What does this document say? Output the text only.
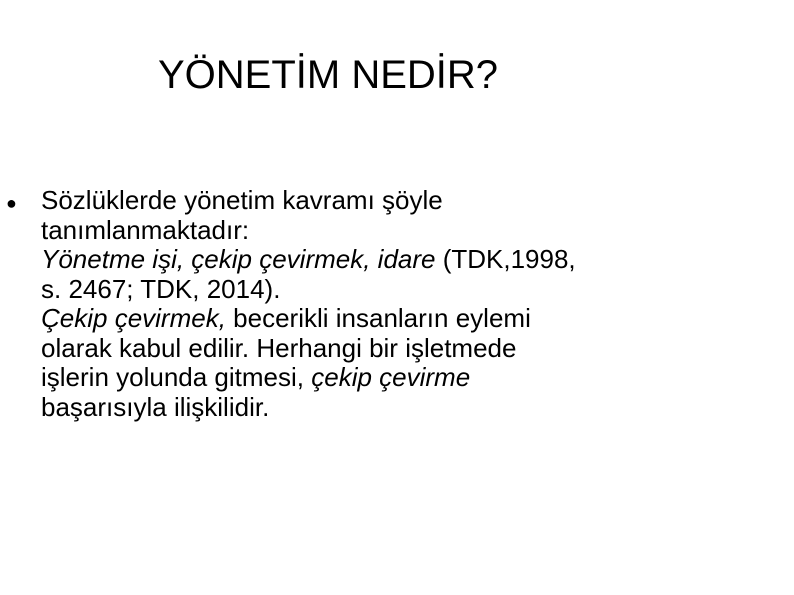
YÖNETİM NEDİR?
● Sözlüklerde yönetim kavramı şöyle
tanımlanmaktadır:
Yönetme işi, çekip çevirmek, idare (TDK,1998,
s. 2467; TDK, 2014).
Çekip çevirmek, becerikli insanların eylemi
olarak kabul edilir. Herhangi bir işletmede
işlerin yolunda gitmesi, çekip çevirme
başarısıyla ilişkilidir.
